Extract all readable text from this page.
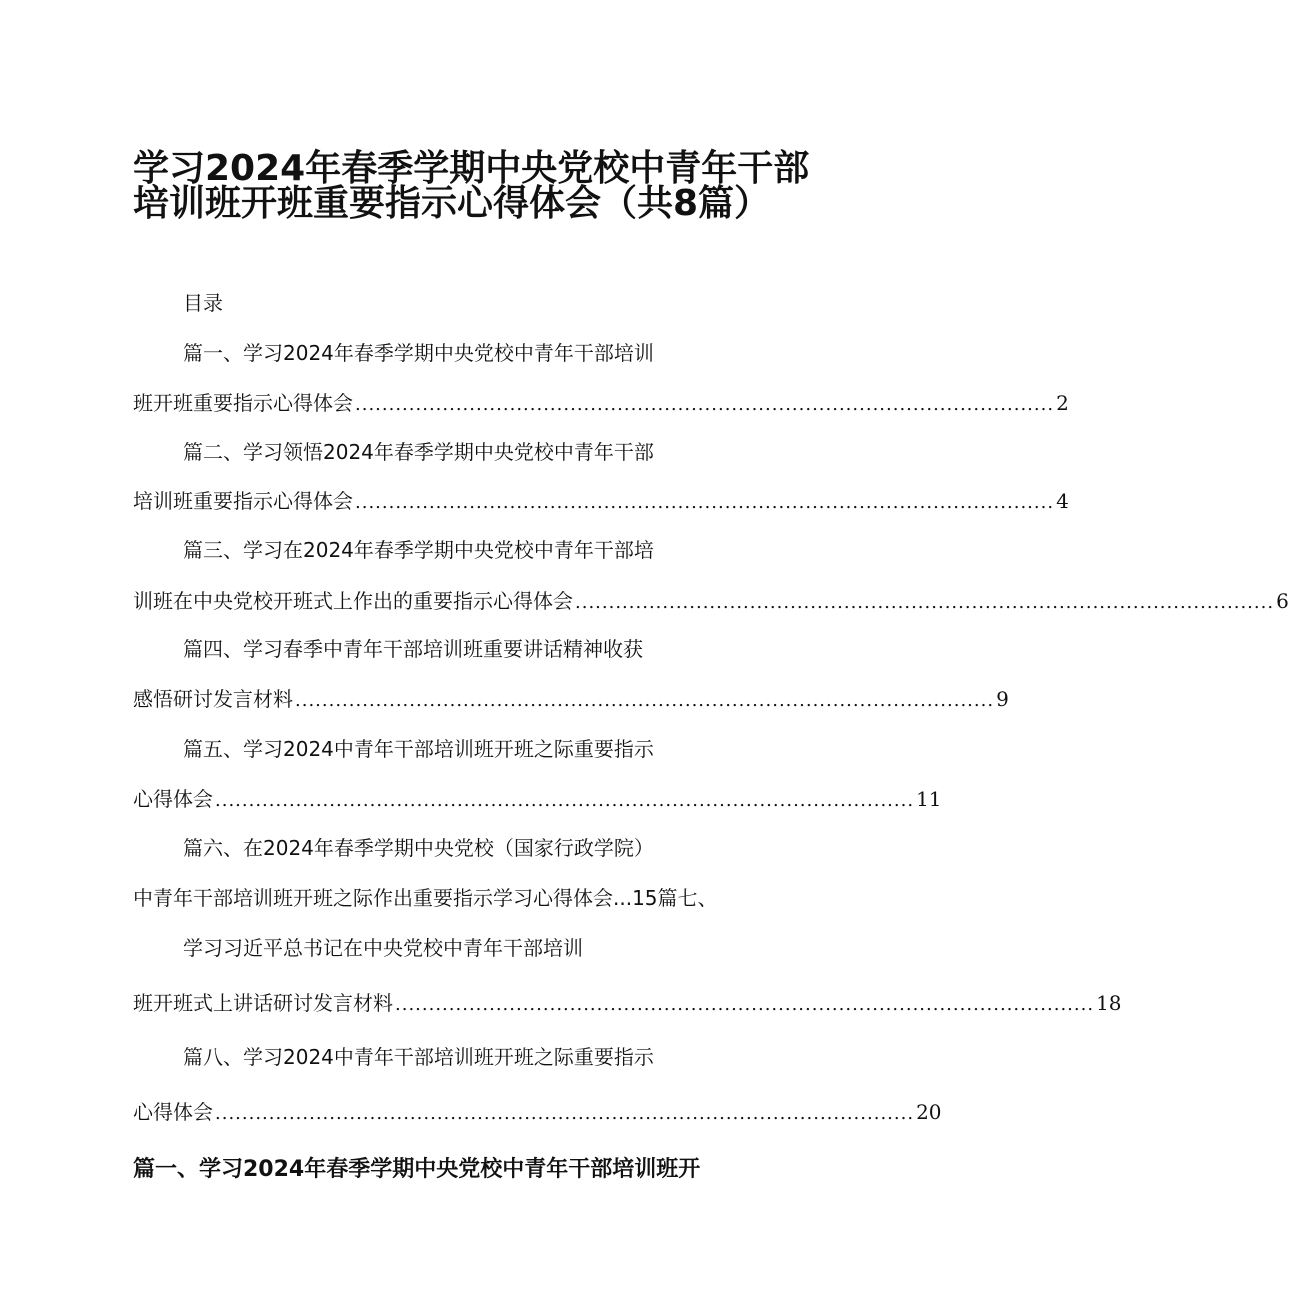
学习2024年春季学期中央党校中青年干部
培训班开班重要指示心得体会（共8篇）
目录
篇一、学习2024年春季学期中央党校中青年干部培训
班开班重要指示心得体会 ........................................................................................................ 2
篇二、学习领悟2024年春季学期中央党校中青年干部
培训班重要指示心得体会 ........................................................................................................ 4
篇三、学习在2024年春季学期中央党校中青年干部培
训班在中央党校开班式上作出的重要指示心得体会 ........................................................................................................ 6
篇四、学习春季中青年干部培训班重要讲话精神收获
感悟研讨发言材料 ........................................................................................................ 9
篇五、学习2024中青年干部培训班开班之际重要指示
心得体会 ........................................................................................................ 11
篇六、在2024年春季学期中央党校（国家行政学院）
中青年干部培训班开班之际作出重要指示学习心得体会...15篇七、
学习习近平总书记在中央党校中青年干部培训
班开班式上讲话研讨发言材料 ........................................................................................................ 18
篇八、学习2024中青年干部培训班开班之际重要指示
心得体会 ........................................................................................................ 20
篇一、学习2024年春季学期中央党校中青年干部培训班开
